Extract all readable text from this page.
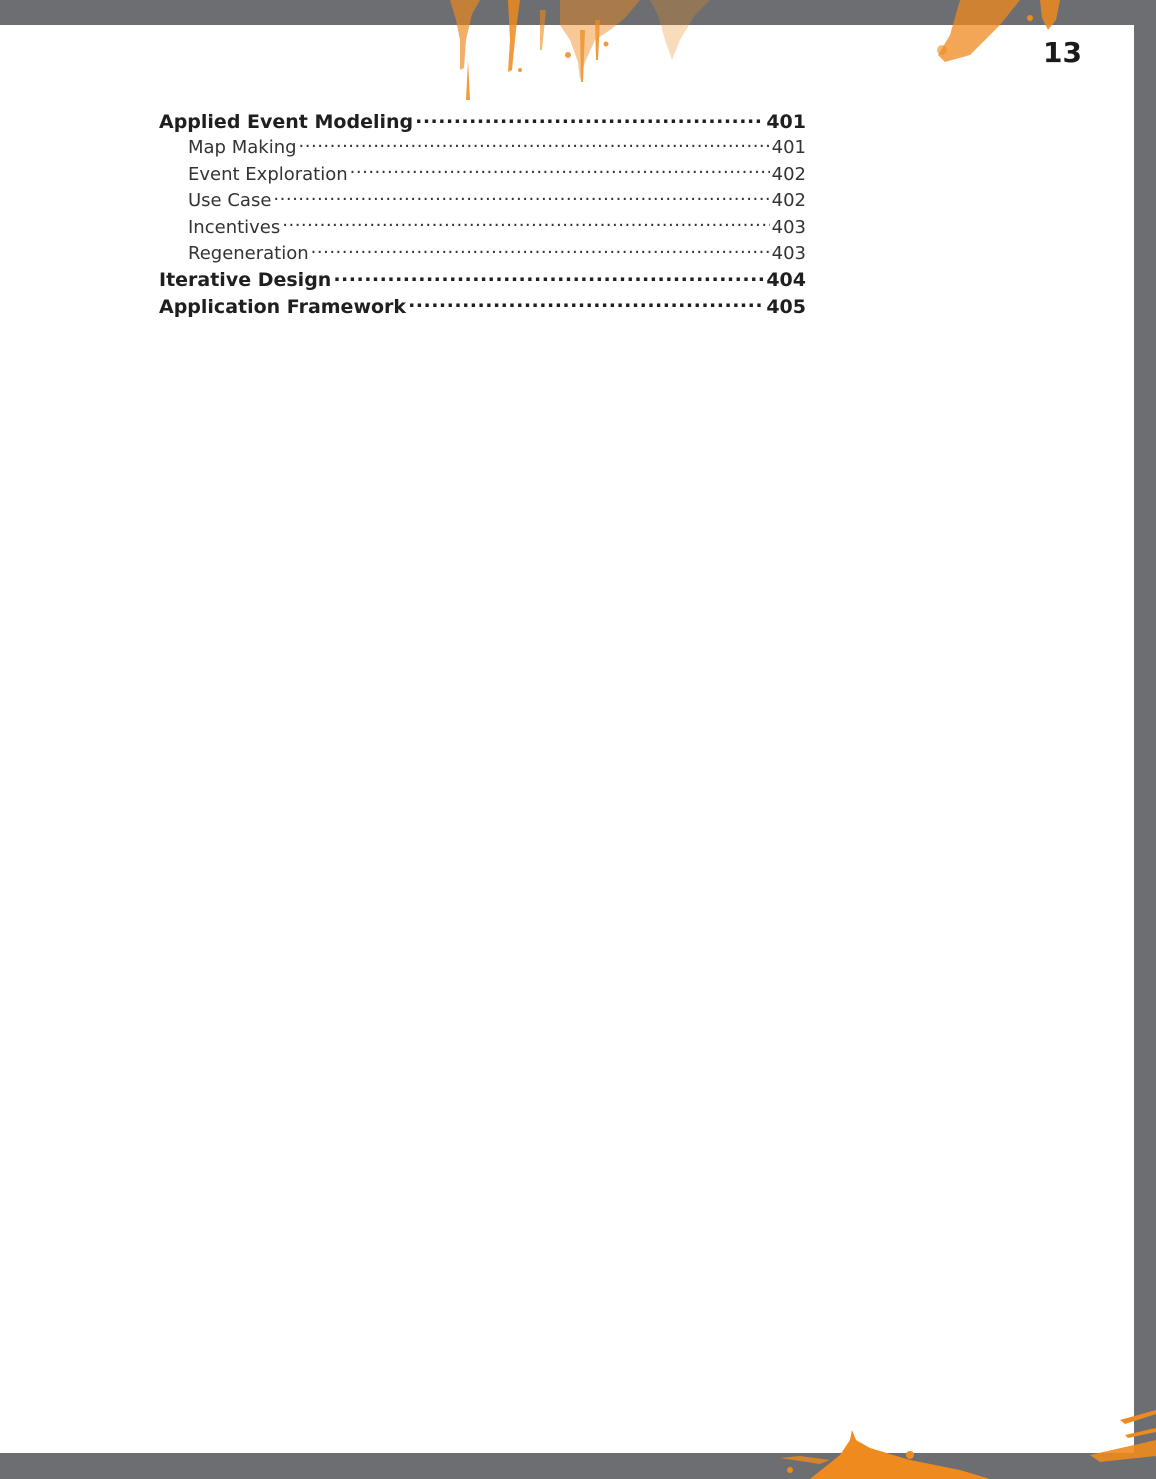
13
Applied Event Modeling .....	401
Map Making .....	401
Event Exploration .....	402
Use Case .....	402
Incentives .....	403
Regeneration .....	403
Iterative Design .....	404
Application Framework .....	405
